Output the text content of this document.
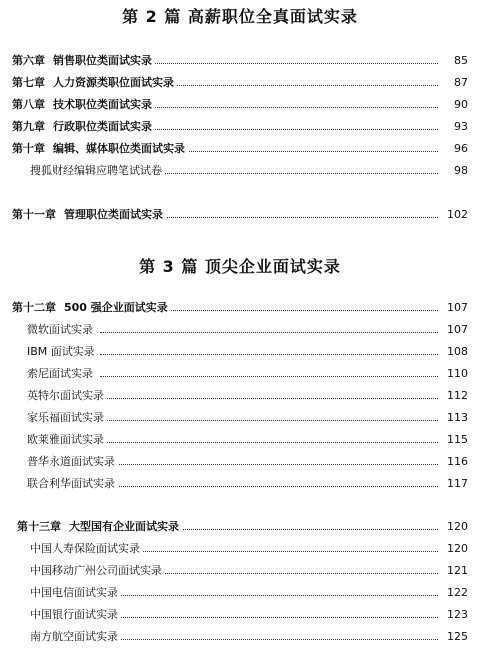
第 2 篇 高薪职位全真面试实录
第六章 销售职位类面试实录	85
第七章 人力资源类职位面试实录	87
第八章 技术职位类面试实录	90
第九章 行政职位类面试实录	93
第十章 编辑、媒体职位类面试实录	96
搜狐财经编辑应聘笔试试卷	98
第十一章 管理职位类面试实录	102
第 3 篇 顶尖企业面试实录
第十二章 500 强企业面试实录	107
微软面试实录	107
IBM 面试实录	108
索尼面试实录	110
英特尔面试实录	112
家乐福面试实录	113
欧莱雅面试实录	115
普华永道面试实录	116
联合利华面试实录	117
第十三章 大型国有企业面试实录	120
中国人寿保险面试实录	120
中国移动广州公司面试实录	121
中国电信面试实录	122
中国银行面试实录	123
南方航空面试实录	125
